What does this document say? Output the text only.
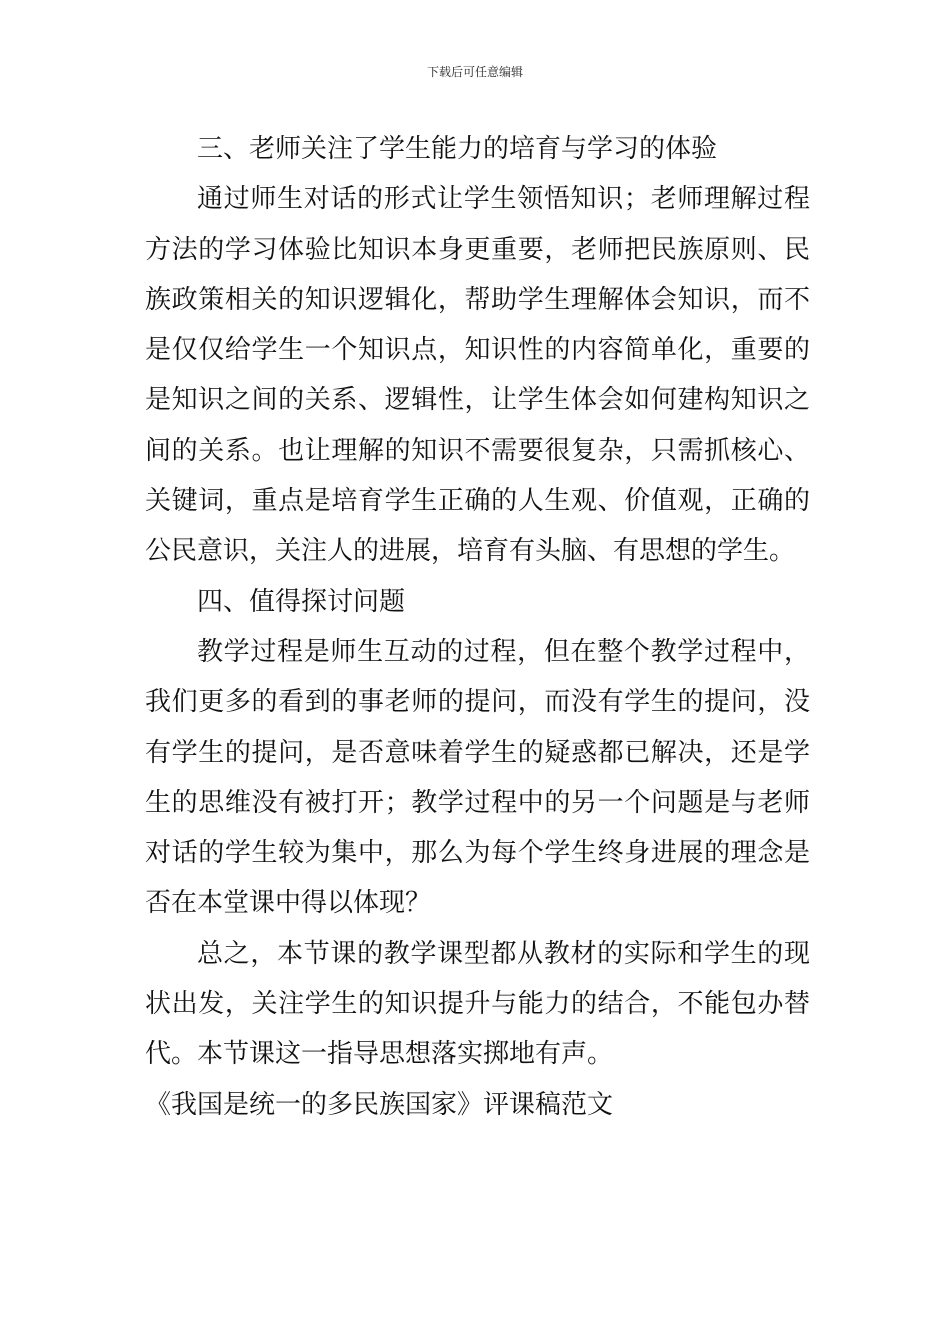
下载后可任意编辑

三、老师关注了学生能力的培育与学习的体验

通过师生对话的形式让学生领悟知识；老师理解过程方法的学习体验比知识本身更重要，老师把民族原则、民族政策相关的知识逻辑化，帮助学生理解体会知识，而不是仅仅给学生一个知识点，知识性的内容简单化，重要的是知识之间的关系、逻辑性，让学生体会如何建构知识之间的关系。也让理解的知识不需要很复杂，只需抓核心、关键词，重点是培育学生正确的人生观、价值观，正确的公民意识，关注人的进展，培育有头脑、有思想的学生。

四、值得探讨问题

教学过程是师生互动的过程，但在整个教学过程中，我们更多的看到的事老师的提问，而没有学生的提问，没有学生的提问，是否意味着学生的疑惑都已解决，还是学生的思维没有被打开；教学过程中的另一个问题是与老师对话的学生较为集中，那么为每个学生终身进展的理念是否在本堂课中得以体现？

总之，本节课的教学课型都从教材的实际和学生的现状出发，关注学生的知识提升与能力的结合，不能包办替代。本节课这一指导思想落实掷地有声。

《我国是统一的多民族国家》评课稿范文
